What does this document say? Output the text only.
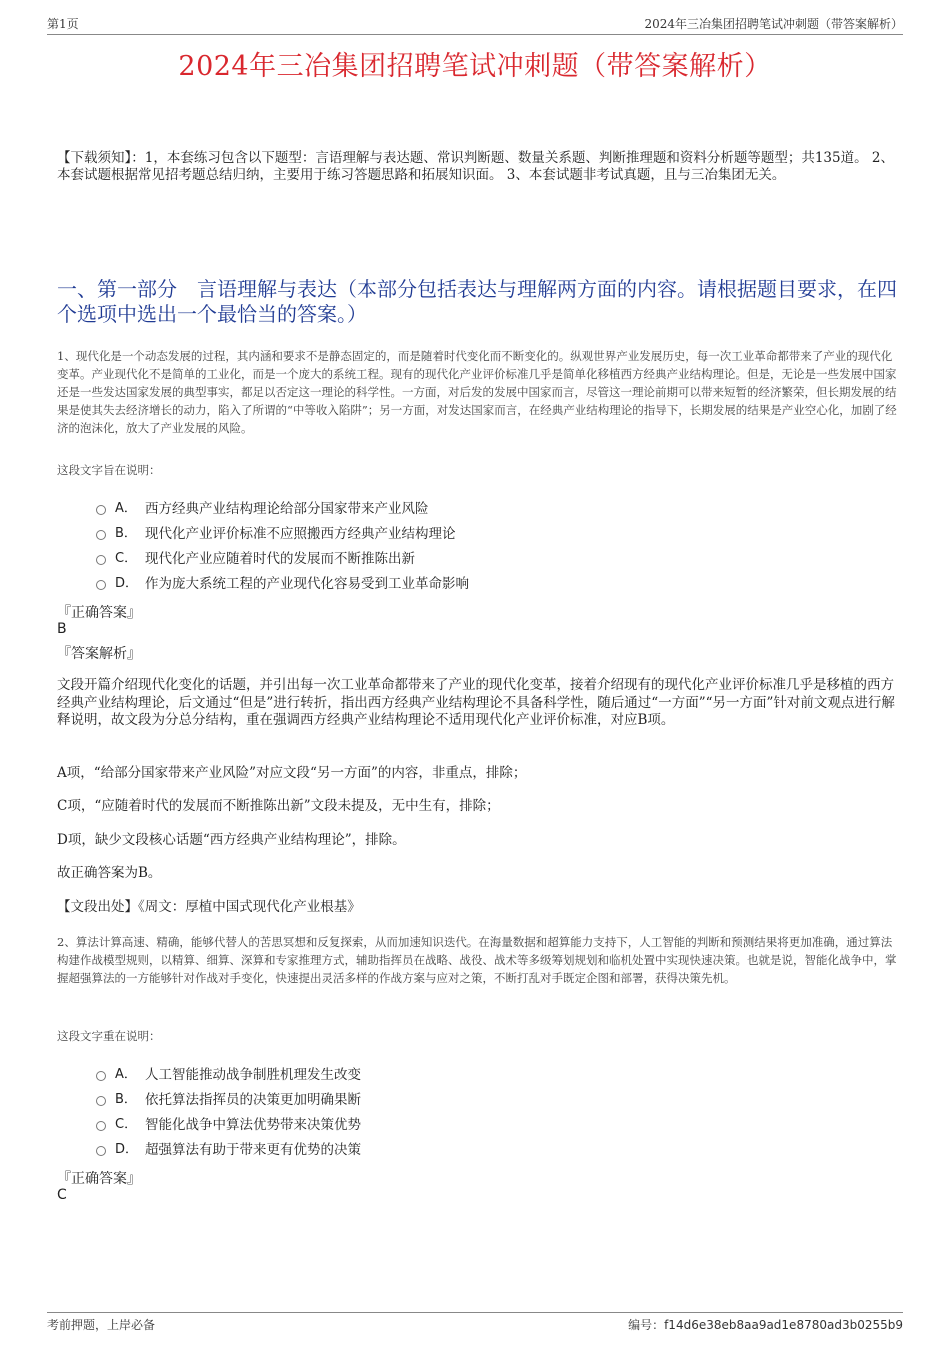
第1页	2024年三冶集团招聘笔试冲刺题（带答案解析）
2024年三冶集团招聘笔试冲刺题（带答案解析）

【下载须知】：1，本套练习包含以下题型：言语理解与表达题、常识判断题、数量关系题、判断推理题和资料分析题等题型；共135道。 2、本套试题根据常见招考题总结归纳，主要用于练习答题思路和拓展知识面。 3、本套试题非考试真题，且与三冶集团无关。

一、第一部分　言语理解与表达（本部分包括表达与理解两方面的内容。请根据题目要求，在四个选项中选出一个最恰当的答案。）

1、现代化是一个动态发展的过程，其内涵和要求不是静态固定的，而是随着时代变化而不断变化的。纵观世界产业发展历史，每一次工业革命都带来了产业的现代化变革。产业现代化不是简单的工业化，而是一个庞大的系统工程。现有的现代化产业评价标准几乎是简单化移植西方经典产业结构理论。但是，无论是一些发展中国家还是一些发达国家发展的典型事实，都足以否定这一理论的科学性。一方面，对后发的发展中国家而言，尽管这一理论前期可以带来短暂的经济繁荣，但长期发展的结果是使其失去经济增长的动力，陷入了所谓的“中等收入陷阱”；另一方面，对发达国家而言，在经典产业结构理论的指导下，长期发展的结果是产业空心化，加剧了经济的泡沫化，放大了产业发展的风险。

这段文字旨在说明：

A． 西方经典产业结构理论给部分国家带来产业风险
B． 现代化产业评价标准不应照搬西方经典产业结构理论
C． 现代化产业应随着时代的发展而不断推陈出新
D． 作为庞大系统工程的产业现代化容易受到工业革命影响

『正确答案』

B

『答案解析』

文段开篇介绍现代化变化的话题，并引出每一次工业革命都带来了产业的现代化变革，接着介绍现有的现代化产业评价标准几乎是移植的西方经典产业结构理论，后文通过“但是”进行转折，指出西方经典产业结构理论不具备科学性，随后通过“一方面”“另一方面”针对前文观点进行解释说明，故文段为分总分结构，重在强调西方经典产业结构理论不适用现代化产业评价标准，对应B项。

A项，“给部分国家带来产业风险”对应文段“另一方面”的内容，非重点，排除；

C项，“应随着时代的发展而不断推陈出新”文段未提及，无中生有，排除；

D项，缺少文段核心话题“西方经典产业结构理论”，排除。

故正确答案为B。

【文段出处】《周文：厚植中国式现代化产业根基》

2、算法计算高速、精确，能够代替人的苦思冥想和反复探索，从而加速知识迭代。在海量数据和超算能力支持下，人工智能的判断和预测结果将更加准确，通过算法构建作战模型规则，以精算、细算、深算和专家推理方式，辅助指挥员在战略、战役、战术等多级筹划规划和临机处置中实现快速决策。也就是说，智能化战争中，掌握超强算法的一方能够针对作战对手变化，快速提出灵活多样的作战方案与应对之策，不断打乱对手既定企图和部署，获得决策先机。

这段文字重在说明：

A． 人工智能推动战争制胜机理发生改变
B． 依托算法指挥员的决策更加明确果断
C． 智能化战争中算法优势带来决策优势
D． 超强算法有助于带来更有优势的决策

『正确答案』

C

考前押题，上岸必备	编号：f14d6e38eb8aa9ad1e8780ad3b0255b9
